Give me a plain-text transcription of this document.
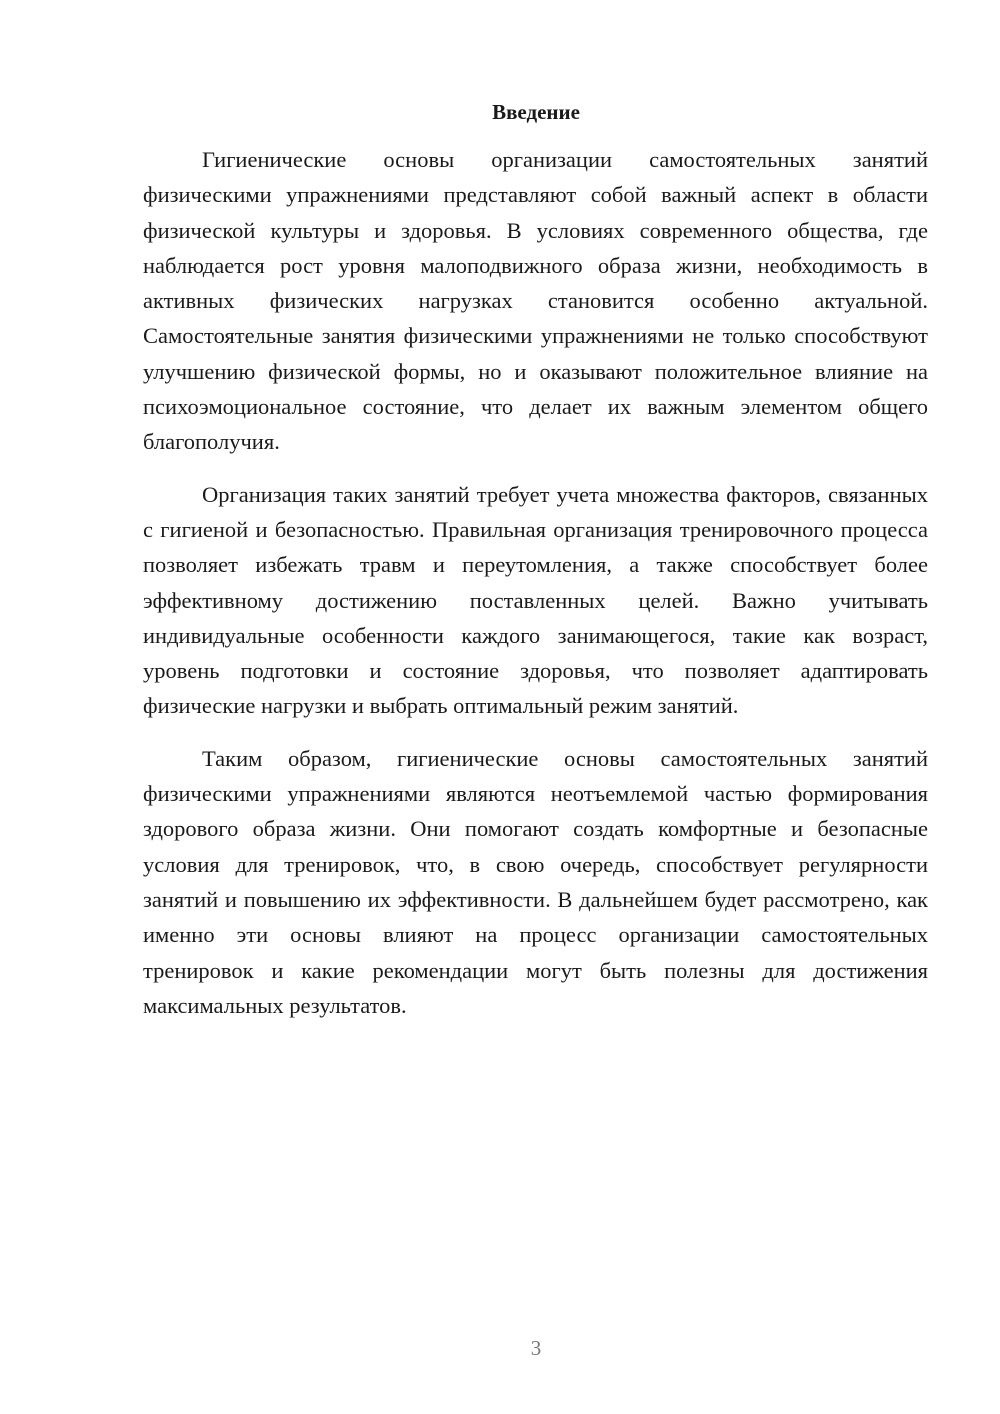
Введение

Гигиенические основы организации самостоятельных занятий физическими упражнениями представляют собой важный аспект в области физической культуры и здоровья. В условиях современного общества, где наблюдается рост уровня малоподвижного образа жизни, необходимость в активных физических нагрузках становится особенно актуальной. Самостоятельные занятия физическими упражнениями не только способствуют улучшению физической формы, но и оказывают положительное влияние на психоэмоциональное состояние, что делает их важным элементом общего благополучия.

Организация таких занятий требует учета множества факторов, связанных с гигиеной и безопасностью. Правильная организация тренировочного процесса позволяет избежать травм и переутомления, а также способствует более эффективному достижению поставленных целей. Важно учитывать индивидуальные особенности каждого занимающегося, такие как возраст, уровень подготовки и состояние здоровья, что позволяет адаптировать физические нагрузки и выбрать оптимальный режим занятий.

Таким образом, гигиенические основы самостоятельных занятий физическими упражнениями являются неотъемлемой частью формирования здорового образа жизни. Они помогают создать комфортные и безопасные условия для тренировок, что, в свою очередь, способствует регулярности занятий и повышению их эффективности. В дальнейшем будет рассмотрено, как именно эти основы влияют на процесс организации самостоятельных тренировок и какие рекомендации могут быть полезны для достижения максимальных результатов.

3
